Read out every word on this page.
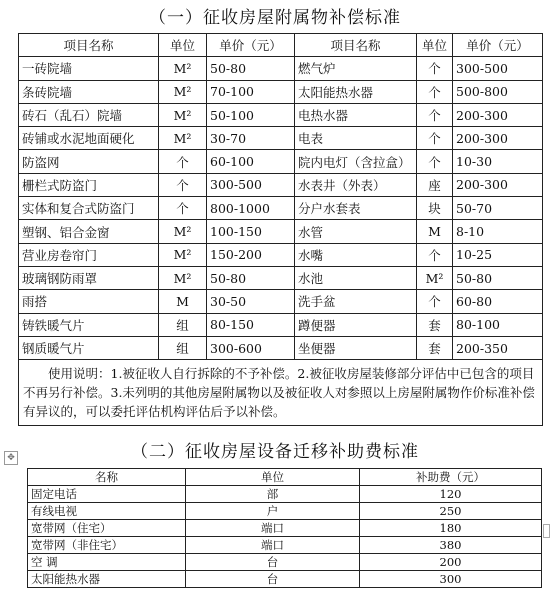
（一）征收房屋附属物补偿标准
项目名称	单位	单价（元）	项目名称	单位	单价（元）
一砖院墙	M²	50-80	燃气炉	个	300-500
条砖院墙	M²	70-100	太阳能热水器	个	500-800
砖石（乱石）院墙	M²	50-100	电热水器	个	200-300
砖铺或水泥地面硬化	M²	30-70	电表	个	200-300
防盗网	个	60-100	院内电灯（含拉盒）	个	10-30
栅栏式防盗门	个	300-500	水表井（外表）	座	200-300
实体和复合式防盗门	个	800-1000	分户水套表	块	50-70
塑钢、铝合金窗	M²	100-150	水管	M	8-10
营业房卷帘门	M²	150-200	水嘴	个	10-25
玻璃钢防雨罩	M²	50-80	水池	M²	50-80
雨搭	M	30-50	洗手盆	个	60-80
铸铁暖气片	组	80-150	蹲便器	套	80-100
钢质暖气片	组	300-600	坐便器	套	200-350
使用说明：1.被征收人自行拆除的不予补偿。2.被征收房屋装修部分评估中已包含的项目不再另行补偿。3.未列明的其他房屋附属物以及被征收人对参照以上房屋附属物作价标准补偿有异议的，可以委托评估机构评估后予以补偿。					
✥	（二）征收房屋设备迁移补助费标准
名称	单位	补助费（元）
固定电话	部	120
有线电视	户	250
宽带网（住宅）	端口	180
宽带网（非住宅）	端口	380
空 调	台	200
太阳能热水器	台	300
